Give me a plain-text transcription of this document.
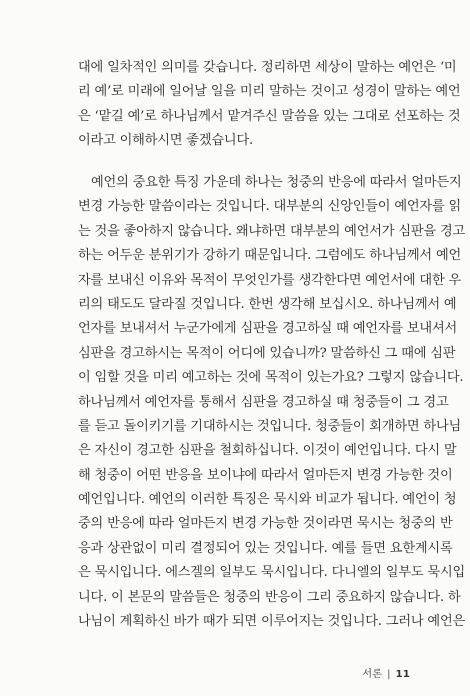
대에 일차적인 의미를 갖습니다. 정리하면 세상이 말하는 예언은 ‘미
리 예’로 미래에 일어날 일을 미리 말하는 것이고 성경이 말하는 예언
은 ‘맡길 예’로 하나님께서 맡겨주신 말씀을 있는 그대로 선포하는 것
이라고 이해하시면 좋겠습니다.
예언의 중요한 특징 가운데 하나는 청중의 반응에 따라서 얼마든지
변경 가능한 말씀이라는 것입니다. 대부분의 신앙인들이 예언자를 읽
는 것을 좋아하지 않습니다. 왜냐하면 대부분의 예언서가 심판을 경고
하는 어두운 분위기가 강하기 때문입니다. 그럼에도 하나님께서 예언
자를 보내신 이유와 목적이 무엇인가를 생각한다면 예언서에 대한 우
리의 태도도 달라질 것입니다. 한번 생각해 보십시오. 하나님께서 예
언자를 보내셔서 누군가에게 심판을 경고하실 때 예언자를 보내셔서
심판을 경고하시는 목적이 어디에 있습니까? 말씀하신 그 때에 심판
이 임할 것을 미리 예고하는 것에 목적이 있는가요? 그렇지 않습니다.
하나님께서 예언자를 통해서 심판을 경고하실 때 청중들이 그 경고
를 듣고 돌이키기를 기대하시는 것입니다. 청중들이 회개하면 하나님
은 자신이 경고한 심판을 철회하십니다. 이것이 예언입니다. 다시 말
해 청중이 어떤 반응을 보이냐에 따라서 얼마든지 변경 가능한 것이
예언입니다. 예언의 이러한 특징은 묵시와 비교가 됩니다. 예언이 청
중의 반응에 따라 얼마든지 변경 가능한 것이라면 묵시는 청중의 반
응과 상관없이 미리 결정되어 있는 것입니다. 예를 들면 요한계시록
은 묵시입니다. 에스겔의 일부도 묵시입니다. 다니엘의 일부도 묵시입
니다. 이 본문의 말씀들은 청중의 반응이 그리 중요하지 않습니다. 하
나님이 계획하신 바가 때가 되면 이루어지는 것입니다. 그러나 예언은
서론 | 11
